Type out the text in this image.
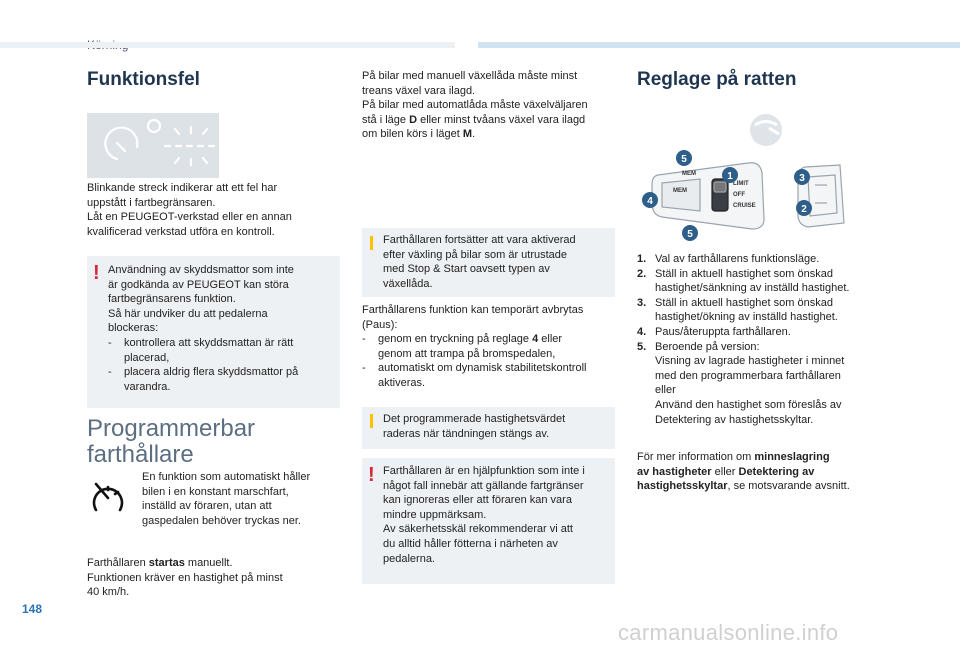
Funktionsfel
Blinkande streck indikerar att ett fel har
uppstått i fartbegränsaren.
Låt en PEUGEOT-verkstad eller en annan
kvalificerad verkstad utföra en kontroll.
! Användning av skyddsmattor som inte
är godkända av PEUGEOT kan störa
fartbegränsarens funktion.
Så här undviker du att pedalerna
blockeras:
- kontrollera att skyddsmattan är rätt
placerad,
- placera aldrig flera skyddsmattor på
varandra.
Programmerbar
farthållare
En funktion som automatiskt håller
bilen i en konstant marschfart,
inställd av föraren, utan att
gaspedalen behöver tryckas ner.
Farthållaren startas manuellt.
Funktionen kräver en hastighet på minst
40 km/h.
På bilar med manuell växellåda måste minst
treans växel vara ilagd.
På bilar med automatlåda måste växelväljaren
stå i läge D eller minst tvåans växel vara ilagd
om bilen körs i läget M.
Farthållaren fortsätter att vara aktiverad
efter växling på bilar som är utrustade
med Stop & Start oavsett typen av
växellåda.
Farthållarens funktion kan temporärt avbrytas
(Paus):
- genom en tryckning på reglage 4 eller
genom att trampa på bromspedalen,
- automatiskt om dynamisk stabilitetskontroll
aktiveras.
Det programmerade hastighetsvärdet
raderas när tändningen stängs av.
! Farthållaren är en hjälpfunktion som inte i
något fall innebär att gällande fartgränser
kan ignoreras eller att föraren kan vara
mindre uppmärksam.
Av säkerhetsskäl rekommenderar vi att
du alltid håller fötterna i närheten av
pedalerna.
Reglage på ratten
LIMIT
OFF
CRUISE
MEM
MEM
5
1	3
4
2
5
1. Val av farthållarens funktionsläge.
2. Ställ in aktuell hastighet som önskad
hastighet/sänkning av inställd hastighet.
3. Ställ in aktuell hastighet som önskad
hastighet/ökning av inställd hastighet.
4. Paus/återuppta farthållaren.
5. Beroende på version:
Visning av lagrade hastigheter i minnet
med den programmerbara farthållaren
eller
Använd den hastighet som föreslås av
Detektering av hastighetsskyltar.
För mer information om minneslagring
av hastigheter eller Detektering av
hastighetsskyltar, se motsvarande avsnitt.
148
carmanualsonline.info
